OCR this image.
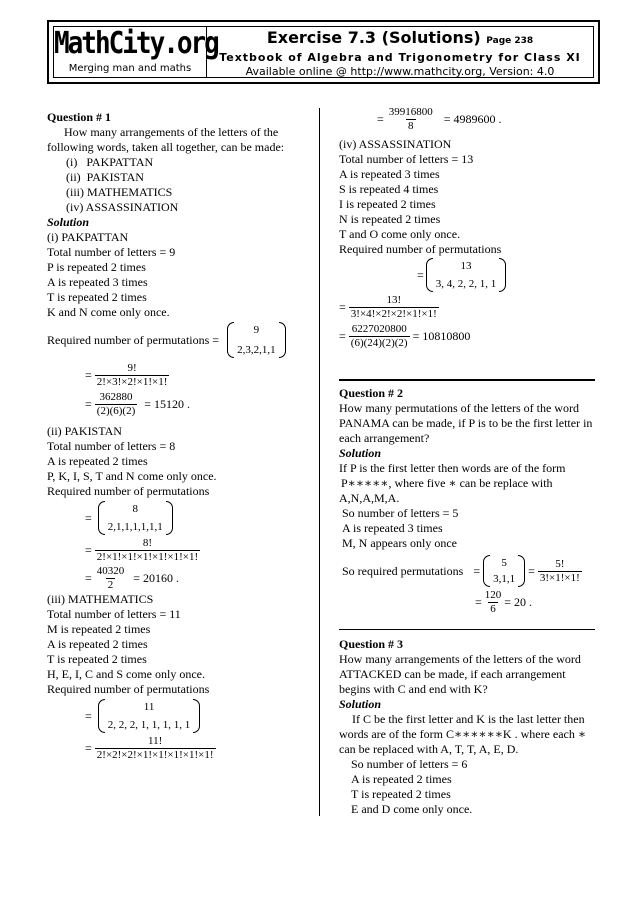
MathCity.org
Merging man and maths
Exercise 7.3 (Solutions) Page 238
Textbook of Algebra and Trigonometry for Class XI
Available online @ http://www.mathcity.org, Version: 4.0
Question # 1
How many arrangements of the letters of the following words, taken all together, can be made:
(i)   PAKPATTAN
(ii)  PAKISTAN
(iii) MATHEMATICS
(iv) ASSASSINATION
Solution
(i) PAKPATTAN
Total number of letters = 9
P is repeated 2 times
A is repeated 3 times
T is repeated 2 times
K and N come only once.
Required number of permutations =
9
2,3,2,1,1
= $\frac{9!}{2!\times 3!\times 2!\times 1!\times 1!}$
= $\frac{362880}{(2)(6)(2)} = 15120$ .
(ii) PAKISTAN
Total number of letters = 8
A is repeated 2 times
P, K, I, S, T and N come only once.
Required number of permutations
=
8
2,1,1,1,1,1,1
= $\frac{8!}{2!\times 1!\times 1!\times 1!\times 1!\times 1!\times 1!}$
= $\frac{40320}{2} = 20160$ .
(iii) MATHEMATICS
Total number of letters = 11
M is repeated 2 times
A is repeated 2 times
T is repeated 2 times
H, E, I, C and S come only once.
Required number of permutations
=
11
2, 2, 2, 1, 1, 1, 1, 1
= $\frac{11!}{2!\times 2!\times 2!\times 1!\times 1!\times 1!\times 1!\times 1!}$
= $\frac{39916800}{8} = 4989600$ .
(iv) ASSASSINATION
Total number of letters = 13
A is repeated 3 times
S is repeated 4 times
I is repeated 2 times
N is repeated 2 times
T and O come only once.
Required number of permutations
=
13
3, 4, 2, 2, 1, 1
= $\frac{13!}{3!\times 4!\times 2!\times 2!\times 1!\times 1!}$
= $\frac{6227020800}{(6)(24)(2)(2)} = 10810800$
Question # 2
How many permutations of the letters of the word PANAMA can be made, if P is to be the first letter in each arrangement?
Solution
If P is the first letter then words are of the form
P∗∗∗∗∗, where five ∗ can be replace with
A,N,A,M,A.
So number of letters = 5
A is repeated 3 times
M, N appears only once
So required permutations =
5
3,1,1
= $\frac{5!}{3!\times 1!\times 1!}$
= $\frac{120}{6} = 20$ .
Question # 3
How many arrangements of the letters of the word ATTACKED can be made, if each arrangement begins with C and end with K?
Solution
If C be the first letter and K is the last letter then words are of the form C∗∗∗∗∗∗K . where each ∗ can be replaced with A, T, T, A, E, D.
So number of letters = 6
A is repeated 2 times
T is repeated 2 times
E and D come only once.
